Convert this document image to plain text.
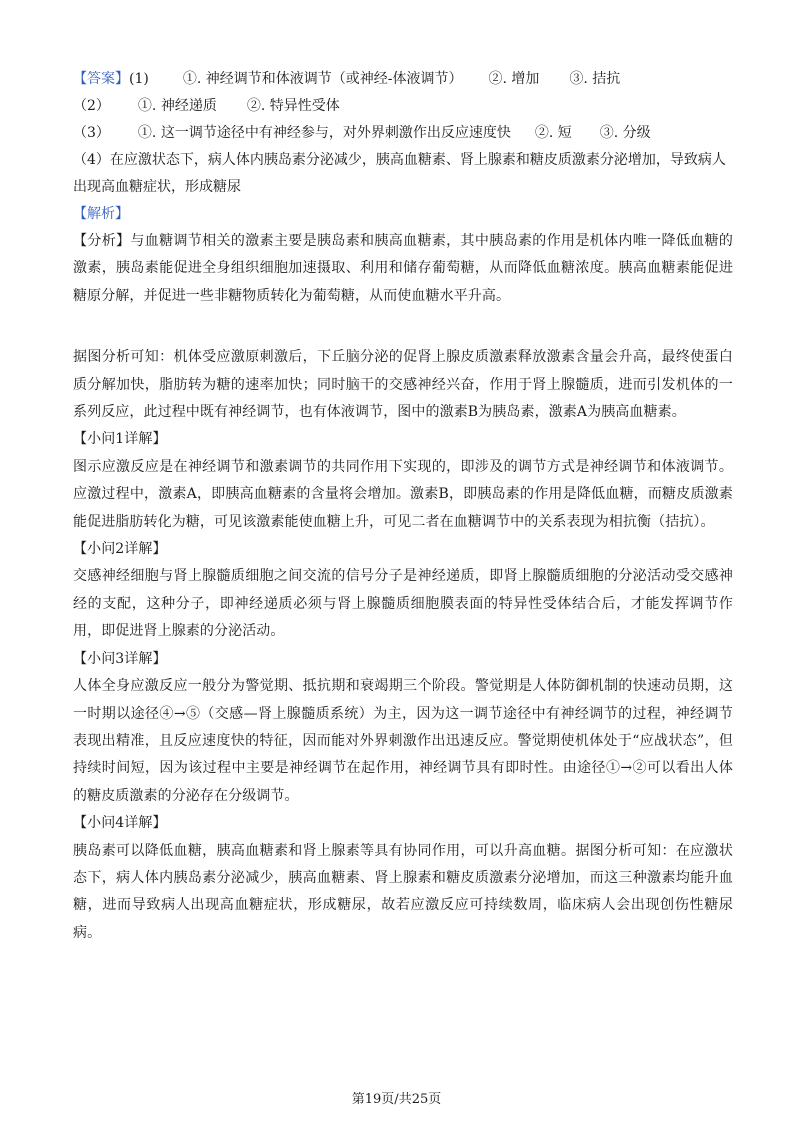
【答案】(1) ①. 神经调节和体液调节（或神经-体液调节） ②. 增加 ③. 拮抗

（2） ①. 神经递质 ②. 特异性受体

（3） ①. 这一调节途径中有神经参与，对外界刺激作出反应速度快 ②. 短 ③. 分级

（4）在应激状态下，病人体内胰岛素分泌减少，胰高血糖素、肾上腺素和糖皮质激素分泌增加，导致病人

出现高血糖症状，形成糖尿

【解析】

【分析】与血糖调节相关的激素主要是胰岛素和胰高血糖素，其中胰岛素的作用是机体内唯一降低血糖的激素，胰岛素能促进全身组织细胞加速摄取、利用和储存葡萄糖，从而降低血糖浓度。胰高血糖素能促进糖原分解，并促进一些非糖物质转化为葡萄糖，从而使血糖水平升高。

据图分析可知：机体受应激原刺激后，下丘脑分泌的促肾上腺皮质激素释放激素含量会升高，最终使蛋白质分解加快，脂肪转为糖的速率加快；同时脑干的交感神经兴奋，作用于肾上腺髓质，进而引发机体的一系列反应，此过程中既有神经调节，也有体液调节，图中的激素B为胰岛素，激素A为胰高血糖素。

【小问1详解】

图示应激反应是在神经调节和激素调节的共同作用下实现的，即涉及的调节方式是神经调节和体液调节。应激过程中，激素A，即胰高血糖素的含量将会增加。激素B，即胰岛素的作用是降低血糖，而糖皮质激素能促进脂肪转化为糖，可见该激素能使血糖上升，可见二者在血糖调节中的关系表现为相抗衡（拮抗）。

【小问2详解】

交感神经细胞与肾上腺髓质细胞之间交流的信号分子是神经递质，即肾上腺髓质细胞的分泌活动受交感神经的支配，这种分子，即神经递质必须与肾上腺髓质细胞膜表面的特异性受体结合后，才能发挥调节作用，即促进肾上腺素的分泌活动。

【小问3详解】

人体全身应激反应一般分为警觉期、抵抗期和衰竭期三个阶段。警觉期是人体防御机制的快速动员期，这一时期以途径④→⑤（交感—肾上腺髓质系统）为主，因为这一调节途径中有神经调节的过程，神经调节表现出精准，且反应速度快的特征，因而能对外界刺激作出迅速反应。警觉期使机体处于“应战状态”，但持续时间短，因为该过程中主要是神经调节在起作用，神经调节具有即时性。由途径①→②可以看出人体的糖皮质激素的分泌存在分级调节。

【小问4详解】

胰岛素可以降低血糖，胰高血糖素和肾上腺素等具有协同作用，可以升高血糖。据图分析可知：在应激状态下，病人体内胰岛素分泌减少，胰高血糖素、肾上腺素和糖皮质激素分泌增加，而这三种激素均能升血糖，进而导致病人出现高血糖症状，形成糖尿，故若应激反应可持续数周，临床病人会出现创伤性糖尿病。

第19页/共25页
